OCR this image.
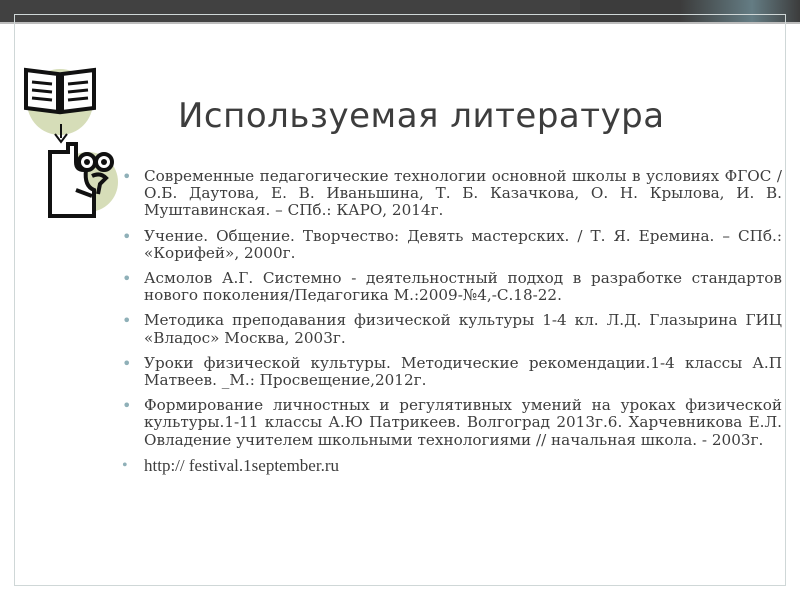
Используемая литература
• Современные педагогические технологии основной школы в условиях ФГОС / О.Б. Даутова, Е. В. Иваньшина, Т. Б. Казачкова, О. Н. Крылова, И. В. Муштавинская. – СПб.: КАРО, 2014г.
• Учение. Общение. Творчество: Девять мастерских. / Т. Я. Еремина. – СПб.: «Корифей», 2000г.
• Асмолов А.Г. Системно - деятельностный подход в разработке стандартов нового поколения/Педагогика М.:2009-№4,-С.18-22.
• Методика преподавания физической культуры 1-4 кл. Л.Д. Глазырина ГИЦ «Владос» Москва, 2003г.
• Уроки физической культуры. Методические рекомендации.1-4 классы А.П Матвеев. _М.: Просвещение,2012г.
• Формирование личностных и регулятивных умений на уроках физической культуры.1-11 классы А.Ю Патрикеев. Волгоград 2013г.6. Харчевникова Е.Л. Овладение учителем школьными технологиями // начальная школа. - 2003г.
• http:// festival.1september.ru
